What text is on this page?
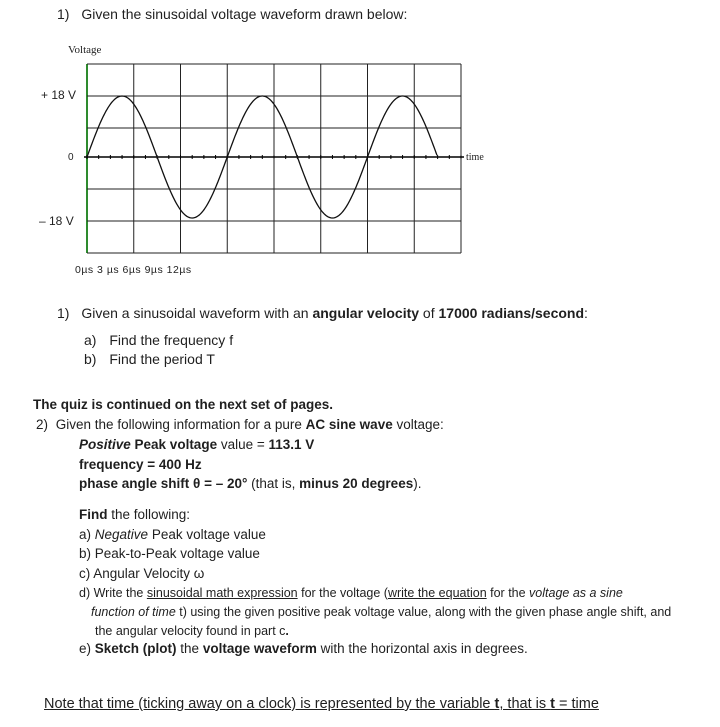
1) Given the sinusoidal voltage waveform drawn below:
Voltage
+ 18 V
0
– 18 V
time
0µs 3 µs 6µs 9µs 12µs
1) Given a sinusoidal waveform with an angular velocity of 17000 radians/second:
a) Find the frequency f
b) Find the period T
The quiz is continued on the next set of pages.
2) Given the following information for a pure AC sine wave voltage:
Positive Peak voltage value = 113.1 V
frequency = 400 Hz
phase angle shift θ = – 20° (that is, minus 20 degrees).
Find the following:
a) Negative Peak voltage value
b) Peak-to-Peak voltage value
c) Angular Velocity ω
d) Write the sinusoidal math expression for the voltage (write the equation for the voltage as a sine
function of time t) using the given positive peak voltage value, along with the given phase angle shift, and
the angular velocity found in part c.
e) Sketch (plot) the voltage waveform with the horizontal axis in degrees.
Note that time (ticking away on a clock) is represented by the variable t, that is t = time
